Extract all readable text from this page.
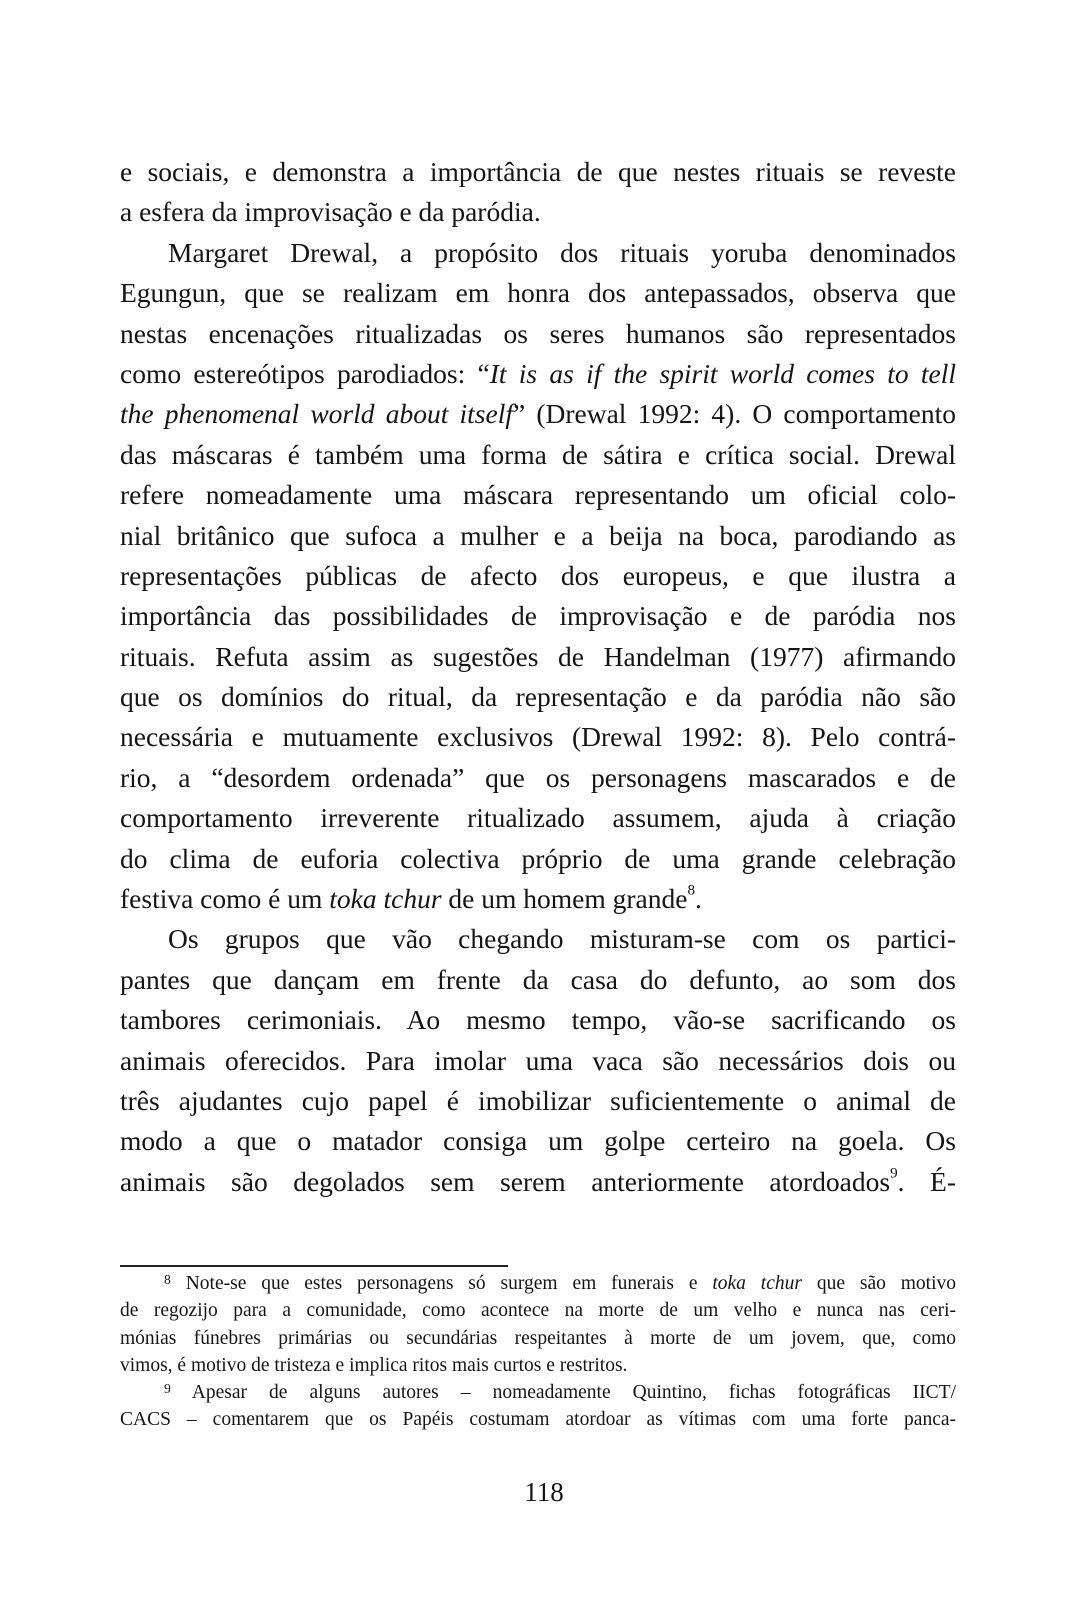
e sociais, e demonstra a importância de que nestes rituais se reveste
a esfera da improvisação e da paródia.
Margaret Drewal, a propósito dos rituais yoruba denominados
Egungun, que se realizam em honra dos antepassados, observa que
nestas encenações ritualizadas os seres humanos são representados
como estereótipos parodiados: “It is as if the spirit world comes to tell
the phenomenal world about itself” (Drewal 1992: 4). O comportamento
das máscaras é também uma forma de sátira e crítica social. Drewal
refere nomeadamente uma máscara representando um oficial colo-
nial britânico que sufoca a mulher e a beija na boca, parodiando as
representações públicas de afecto dos europeus, e que ilustra a
importância das possibilidades de improvisação e de paródia nos
rituais. Refuta assim as sugestões de Handelman (1977) afirmando
que os domínios do ritual, da representação e da paródia não são
necessária e mutuamente exclusivos (Drewal 1992: 8). Pelo contrá-
rio, a “desordem ordenada” que os personagens mascarados e de
comportamento irreverente ritualizado assumem, ajuda à criação
do clima de euforia colectiva próprio de uma grande celebração
festiva como é um toka tchur de um homem grande$^8$.
Os grupos que vão chegando misturam-se com os partici-
pantes que dançam em frente da casa do defunto, ao som dos
tambores cerimoniais. Ao mesmo tempo, vão-se sacrificando os
animais oferecidos. Para imolar uma vaca são necessários dois ou
três ajudantes cujo papel é imobilizar suficientemente o animal de
modo a que o matador consiga um golpe certeiro na goela. Os
animais são degolados sem serem anteriormente atordoados$^9$. É-
$^8$ Note-se que estes personagens só surgem em funerais e toka tchur que são motivo
de regozijo para a comunidade, como acontece na morte de um velho e nunca nas ceri-
mónias fúnebres primárias ou secundárias respeitantes à morte de um jovem, que, como
vimos, é motivo de tristeza e implica ritos mais curtos e restritos.
$^9$ Apesar de alguns autores – nomeadamente Quintino, fichas fotográficas IICT/
CACS – comentarem que os Papéis costumam atordoar as vítimas com uma forte panca-
118
